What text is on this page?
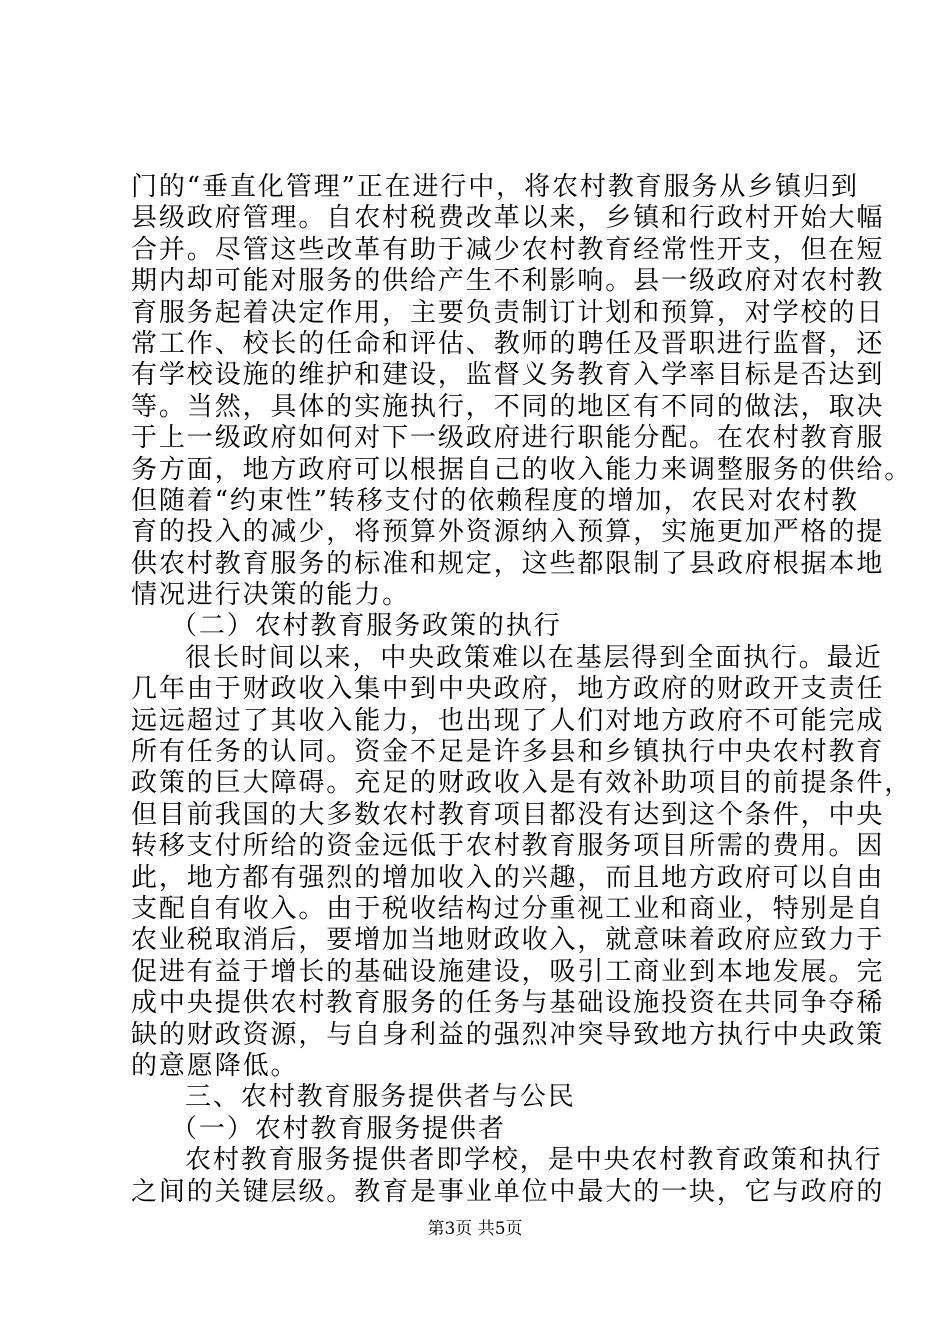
门的“垂直化管理”正在进行中，将农村教育服务从乡镇归到
县级政府管理。自农村税费改革以来，乡镇和行政村开始大幅
合并。尽管这些改革有助于减少农村教育经常性开支，但在短
期内却可能对服务的供给产生不利影响。县一级政府对农村教
育服务起着决定作用，主要负责制订计划和预算，对学校的日
常工作、校长的任命和评估、教师的聘任及晋职进行监督，还
有学校设施的维护和建设，监督义务教育入学率目标是否达到
等。当然，具体的实施执行，不同的地区有不同的做法，取决
于上一级政府如何对下一级政府进行职能分配。在农村教育服
务方面，地方政府可以根据自己的收入能力来调整服务的供给。
但随着“约束性”转移支付的依赖程度的增加，农民对农村教
育的投入的减少，将预算外资源纳入预算，实施更加严格的提
供农村教育服务的标准和规定，这些都限制了县政府根据本地
情况进行决策的能力。
（二）农村教育服务政策的执行
很长时间以来，中央政策难以在基层得到全面执行。最近
几年由于财政收入集中到中央政府，地方政府的财政开支责任
远远超过了其收入能力，也出现了人们对地方政府不可能完成
所有任务的认同。资金不足是许多县和乡镇执行中央农村教育
政策的巨大障碍。充足的财政收入是有效补助项目的前提条件，
但目前我国的大多数农村教育项目都没有达到这个条件，中央
转移支付所给的资金远低于农村教育服务项目所需的费用。因
此，地方都有强烈的增加收入的兴趣，而且地方政府可以自由
支配自有收入。由于税收结构过分重视工业和商业，特别是自
农业税取消后，要增加当地财政收入，就意味着政府应致力于
促进有益于增长的基础设施建设，吸引工商业到本地发展。完
成中央提供农村教育服务的任务与基础设施投资在共同争夺稀
缺的财政资源，与自身利益的强烈冲突导致地方执行中央政策
的意愿降低。
三、农村教育服务提供者与公民
（一）农村教育服务提供者
农村教育服务提供者即学校，是中央农村教育政策和执行
之间的关键层级。教育是事业单位中最大的一块，它与政府的
第3页 共5页
